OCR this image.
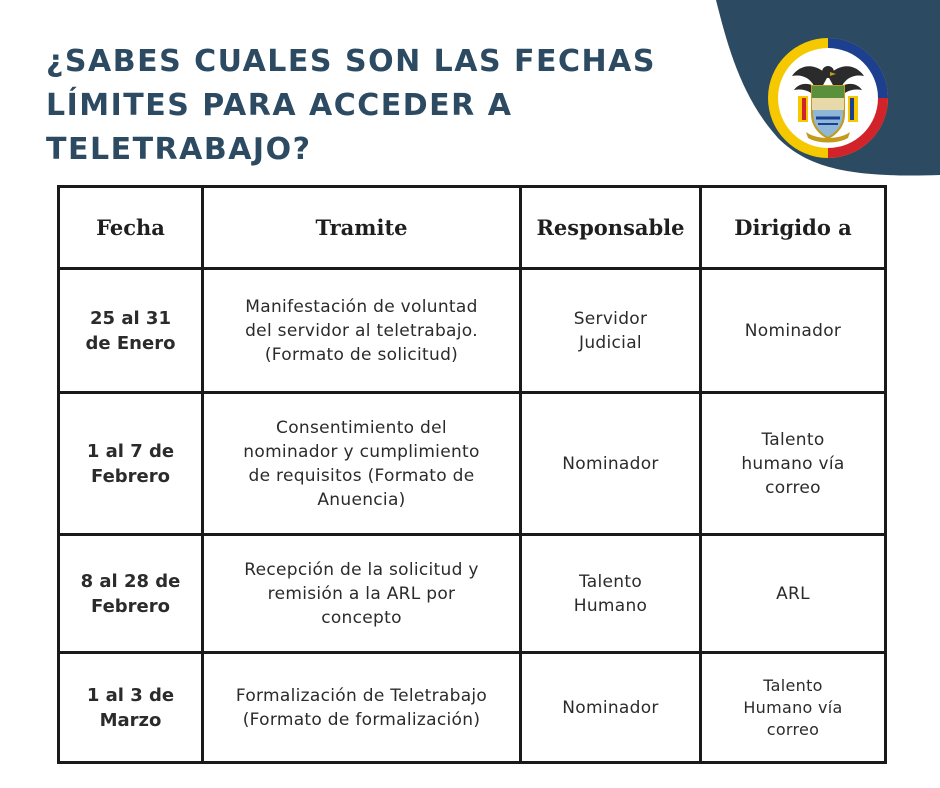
¿SABES CUALES SON LAS FECHAS
LÍMITES PARA ACCEDER A
TELETRABAJO?
Fecha	Tramite	Responsable	Dirigido a

25 al 31
de Enero	Manifestación de voluntad
del servidor al teletrabajo.
(Formato de solicitud)	Servidor
Judicial	Nominador

1 al 7 de
Febrero	Consentimiento del
nominador y cumplimiento
de requisitos (Formato de
Anuencia)	Nominador	Talento
humano vía
correo

8 al 28 de
Febrero	Recepción de la solicitud y
remisión a la ARL por
concepto	Talento
Humano	ARL

1 al 3 de
Marzo	Formalización de Teletrabajo
(Formato de formalización)	Nominador	Talento
Humano vía
correo
